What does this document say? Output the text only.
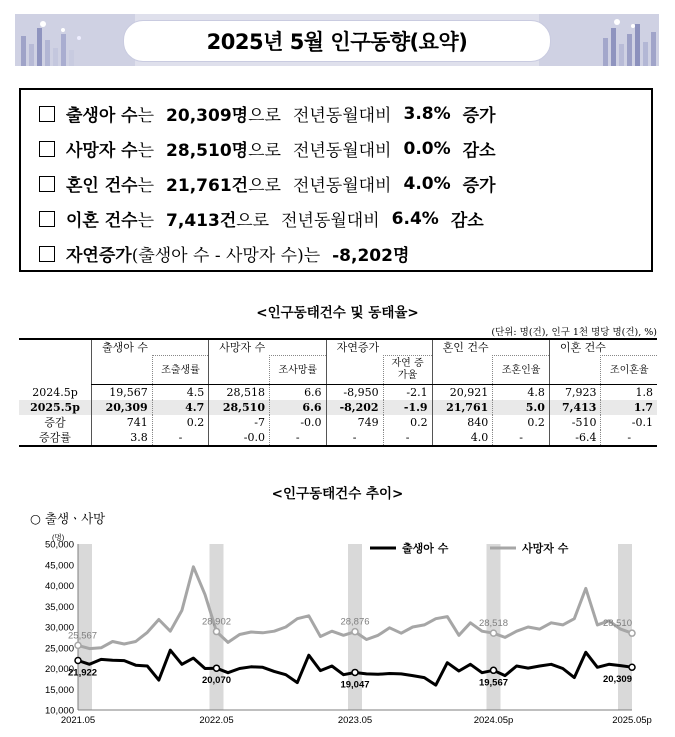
2025년 5월 인구동향(요약)
출생아 수 는 20,309명 으로 전년동월대비 3.8% 증가
사망자 수 는 28,510명 으로 전년동월대비 0.0% 감소
혼인 건수 는 21,761건 으로 전년동월대비 4.0% 증가
이혼 건수 는 7,413건 으로 전년동월대비 6.4% 감소
자연증가 (출생아 수 - 사망자 수)는 -8,202명
<인구동태건수 및 동태율>
(단위: 명(건), 인구 1천 명당 명(건), %)
	출생아 수		사망자 수		자연증가		혼인 건수		이혼 건수	
		조출생률		조사망률		자연 증가율		조혼인율		조이혼율
2024.5p	19,567	4.5	28,518	6.6	-8,950	-2.1	20,921	4.8	7,923	1.8
2025.5p	20,309	4.7	28,510	6.6	-8,202	-1.9	21,761	5.0	7,413	1.7
증감	741	0.2	-7	-0.0	749	0.2	840	0.2	-510	-0.1
증감률	3.8	-	-0.0	-	-	-	4.0	-	-6.4	-
<인구동태건수 추이>
○ 출생ㆍ사망
10,000
15,000
20,000
25,000
30,000
35,000
40,000
45,000
50,000
(명)
2021.05	2022.05	2023.05	2024.05p	2025.05p
25,567
28,902	28,876	28,518	28,510
21,922
20,070	19,047	19,567	20,309
출생아 수	사망자 수
